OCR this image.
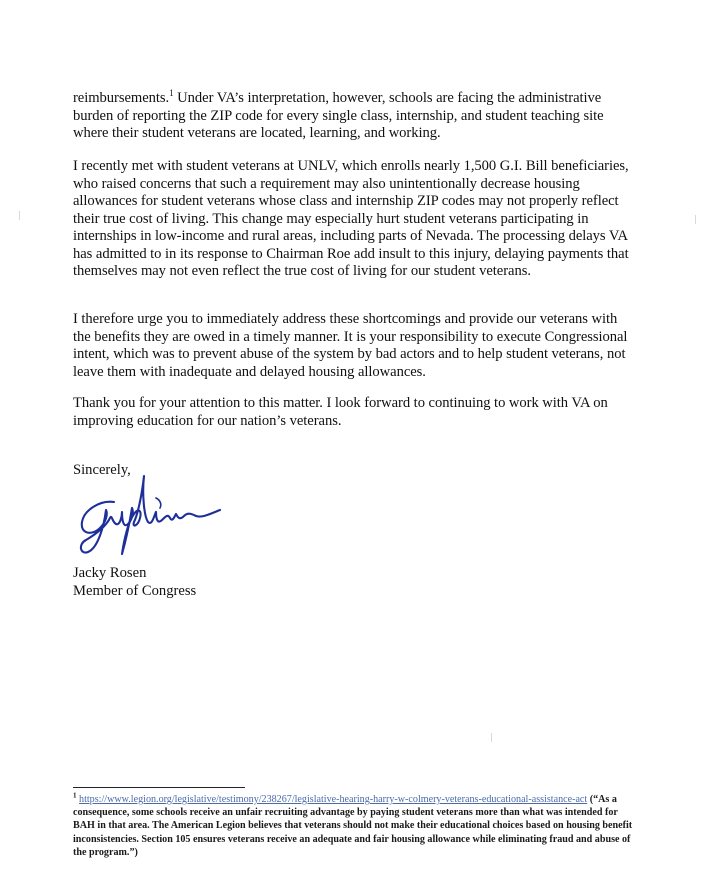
reimbursements.$^1$ Under VA’s interpretation, however, schools are facing the administrative burden of reporting the ZIP code for every single class, internship, and student teaching site where their student veterans are located, learning, and working.

I recently met with student veterans at UNLV, which enrolls nearly 1,500 G.I. Bill beneficiaries, who raised concerns that such a requirement may also unintentionally decrease housing allowances for student veterans whose class and internship ZIP codes may not properly reflect their true cost of living. This change may especially hurt student veterans participating in internships in low-income and rural areas, including parts of Nevada. The processing delays VA has admitted to in its response to Chairman Roe add insult to this injury, delaying payments that themselves may not even reflect the true cost of living for our student veterans.

I therefore urge you to immediately address these shortcomings and provide our veterans with the benefits they are owed in a timely manner. It is your responsibility to execute Congressional intent, which was to prevent abuse of the system by bad actors and to help student veterans, not leave them with inadequate and delayed housing allowances.

Thank you for your attention to this matter. I look forward to continuing to work with VA on improving education for our nation’s veterans.

Sincerely,
Jacky Rosen
Member of Congress

$^1$ https://www.legion.org/legislative/testimony/238267/legislative-hearing-harry-w-colmery-veterans-educational-assistance-act (“As a consequence, some schools receive an unfair recruiting advantage by paying student veterans more than what was intended for BAH in that area. The American Legion believes that veterans should not make their educational choices based on housing benefit inconsistencies. Section 105 ensures veterans receive an adequate and fair housing allowance while eliminating fraud and abuse of the program.”)
